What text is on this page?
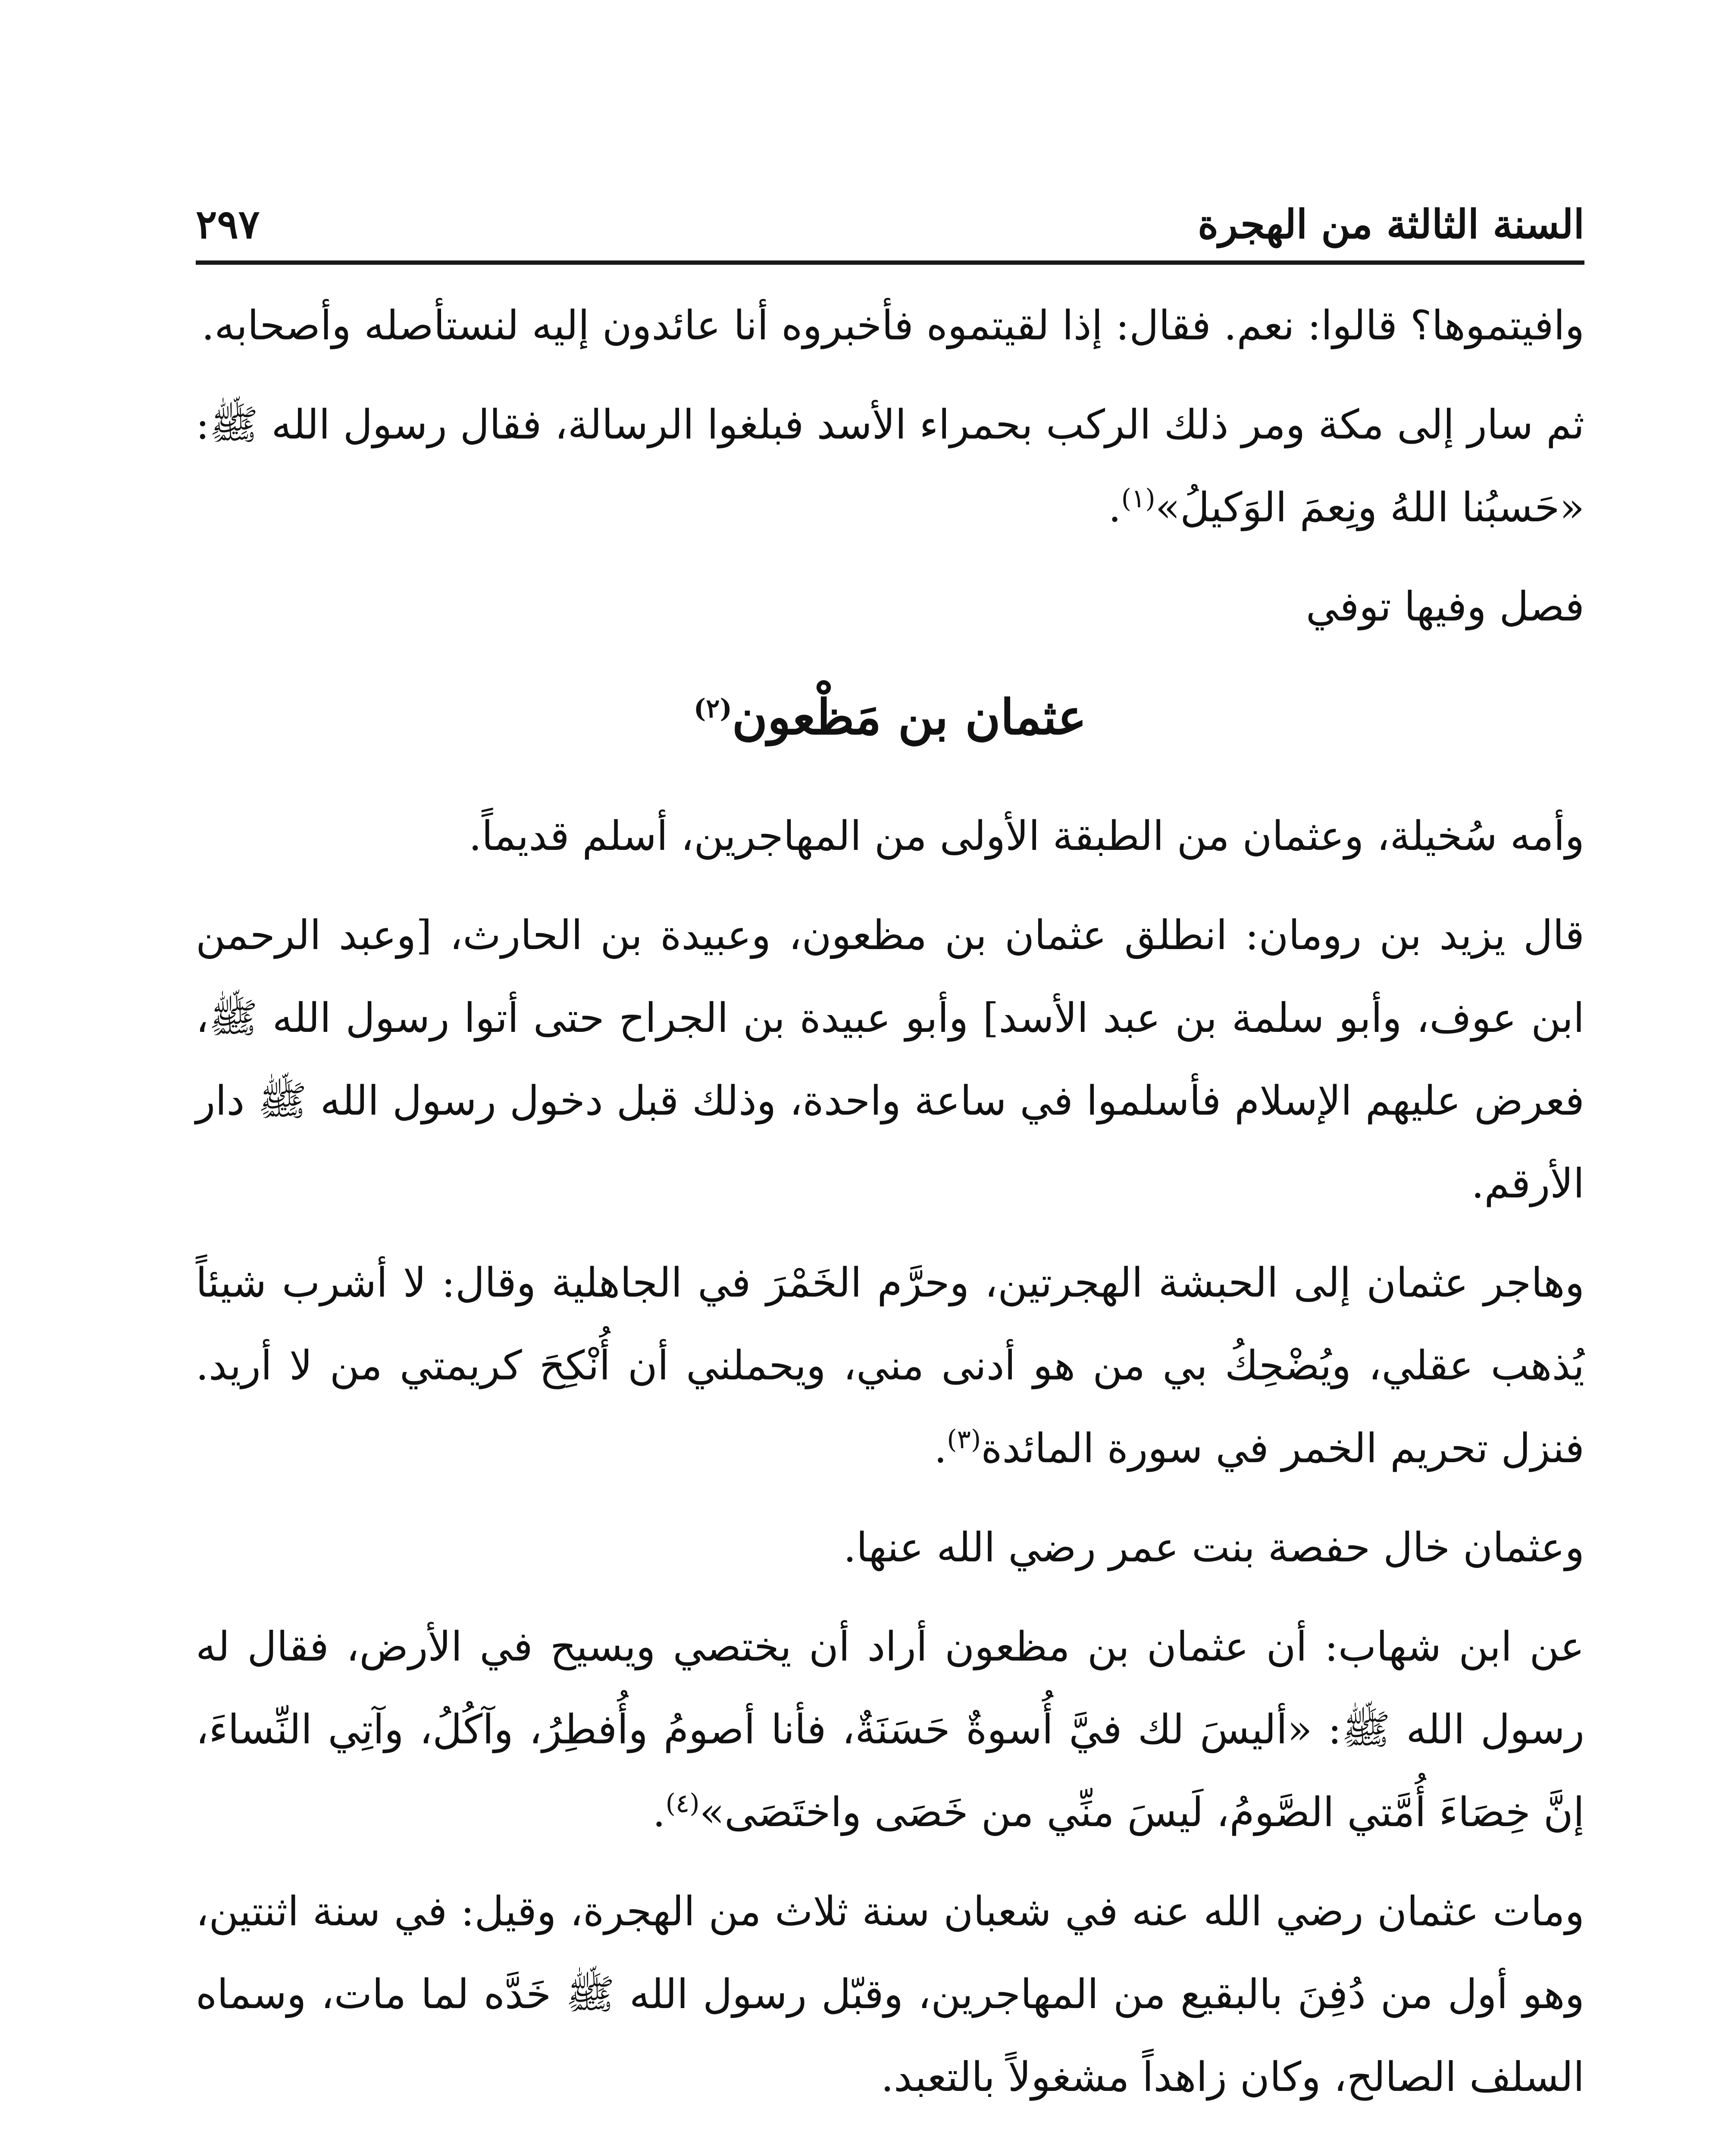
السنة الثالثة من الهجرة
٢٩٧

وافيتموها؟ قالوا: نعم. فقال: إذا لقيتموه فأخبروه أنا عائدون إليه لنستأصله وأصحابه.

ثم سار إلى مكة ومر ذلك الركب بحمراء الأسد فبلغوا الرسالة، فقال رسول الله ﷺ: «حَسبُنا اللهُ ونِعمَ الوَكيلُ»$^{(١)}$.

فصل وفيها توفي

عثمان بن مَظْعون$^{(٢)}$

وأمه سُخيلة، وعثمان من الطبقة الأولى من المهاجرين، أسلم قديماً.

قال يزيد بن رومان: انطلق عثمان بن مظعون، وعبيدة بن الحارث، [وعبد الرحمن ابن عوف، وأبو سلمة بن عبد الأسد] وأبو عبيدة بن الجراح حتى أتوا رسول الله ﷺ، فعرض عليهم الإسلام فأسلموا في ساعة واحدة، وذلك قبل دخول رسول الله ﷺ دار الأرقم.

وهاجر عثمان إلى الحبشة الهجرتين، وحرَّم الخَمْرَ في الجاهلية وقال: لا أشرب شيئاً يُذهب عقلي، ويُضْحِكُ بي من هو أدنى مني، ويحملني أن أُنْكِحَ كريمتي من لا أريد. فنزل تحريم الخمر في سورة المائدة$^{(٣)}$.

وعثمان خال حفصة بنت عمر رضي الله عنها.

عن ابن شهاب: أن عثمان بن مظعون أراد أن يختصي ويسيح في الأرض، فقال له رسول الله ﷺ: «أليسَ لك فيَّ أُسوةٌ حَسَنَةٌ، فأنا أصومُ وأُفطِرُ، وآكُلُ، وآتِي النِّساءَ، إنَّ خِصَاءَ أُمَّتي الصَّومُ، لَيسَ منِّي من خَصَى واختَصَى»$^{(٤)}$.

ومات عثمان رضي الله عنه في شعبان سنة ثلاث من الهجرة، وقيل: في سنة اثنتين، وهو أول من دُفِنَ بالبقيع من المهاجرين، وقبّل رسول الله ﷺ خَدَّه لما مات، وسماه السلف الصالح، وكان زاهداً مشغولاً بالتعبد.
